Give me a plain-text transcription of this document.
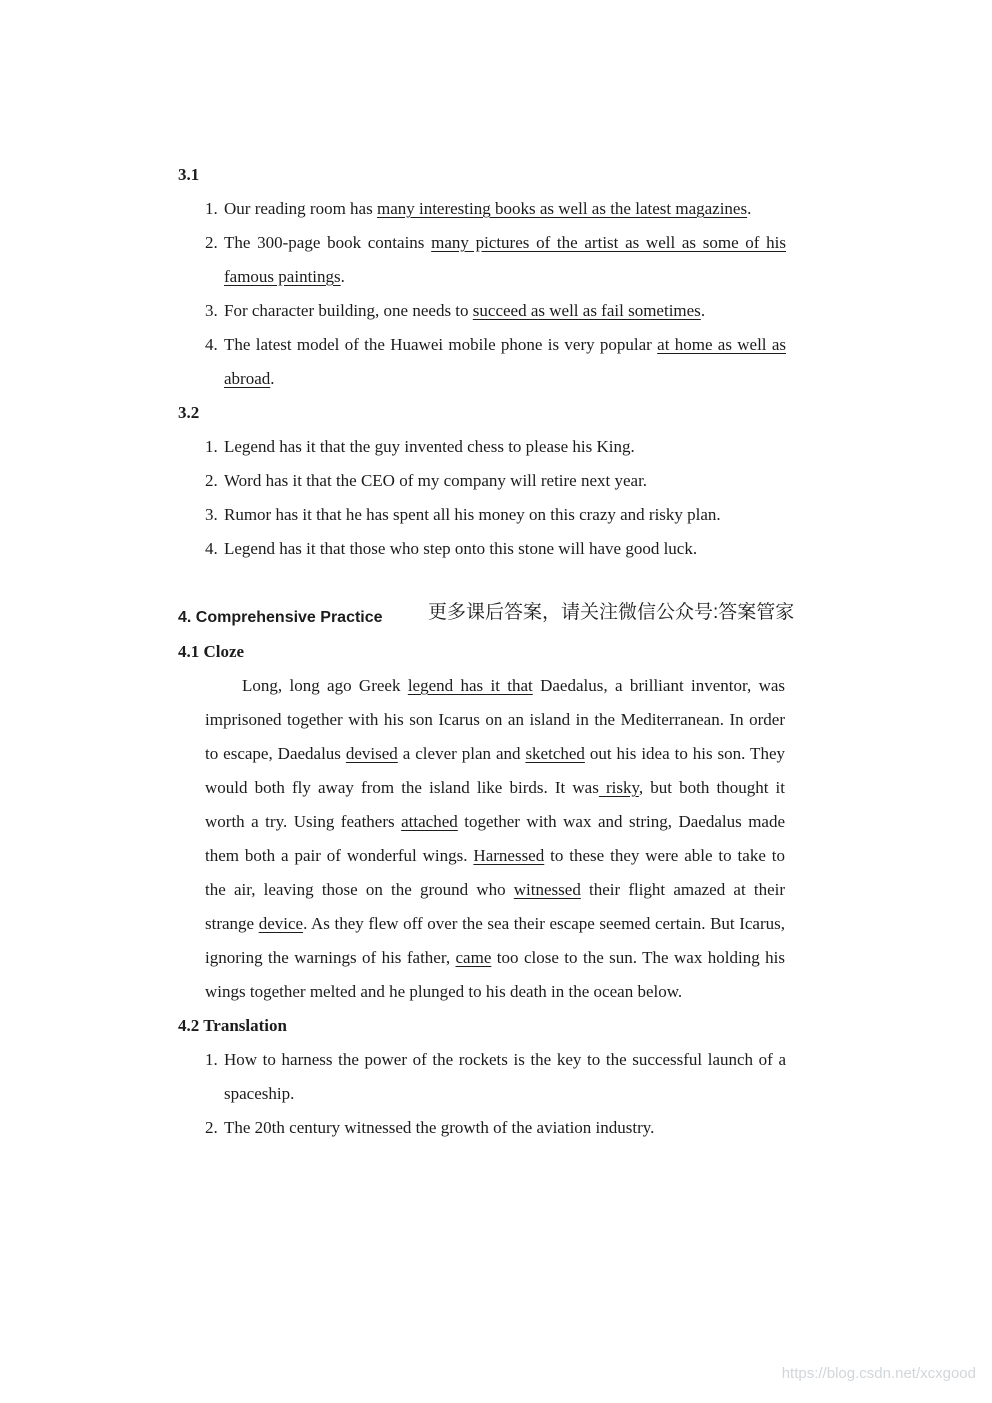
3.1
1. Our reading room has many interesting books as well as the latest magazines.
2. The 300-page book contains many pictures of the artist as well as some of his famous paintings.
3. For character building, one needs to succeed as well as fail sometimes.
4. The latest model of the Huawei mobile phone is very popular at home as well as abroad.
3.2
1. Legend has it that the guy invented chess to please his King.
2. Word has it that the CEO of my company will retire next year.
3. Rumor has it that he has spent all his money on this crazy and risky plan.
4. Legend has it that those who step onto this stone will have good luck.
4. Comprehensive Practice 更多课后答案，请关注微信公众号:答案管家
4.1 Cloze
Long, long ago Greek legend has it that Daedalus, a brilliant inventor, was imprisoned together with his son Icarus on an island in the Mediterranean. In order to escape, Daedalus devised a clever plan and sketched out his idea to his son. They would both fly away from the island like birds. It was risky, but both thought it worth a try. Using feathers attached together with wax and string, Daedalus made them both a pair of wonderful wings. Harnessed to these they were able to take to the air, leaving those on the ground who witnessed their flight amazed at their strange device. As they flew off over the sea their escape seemed certain. But Icarus, ignoring the warnings of his father, came too close to the sun. The wax holding his wings together melted and he plunged to his death in the ocean below.
4.2 Translation
1. How to harness the power of the rockets is the key to the successful launch of a spaceship.
2. The 20th century witnessed the growth of the aviation industry.
https://blog.csdn.net/xcxgood
